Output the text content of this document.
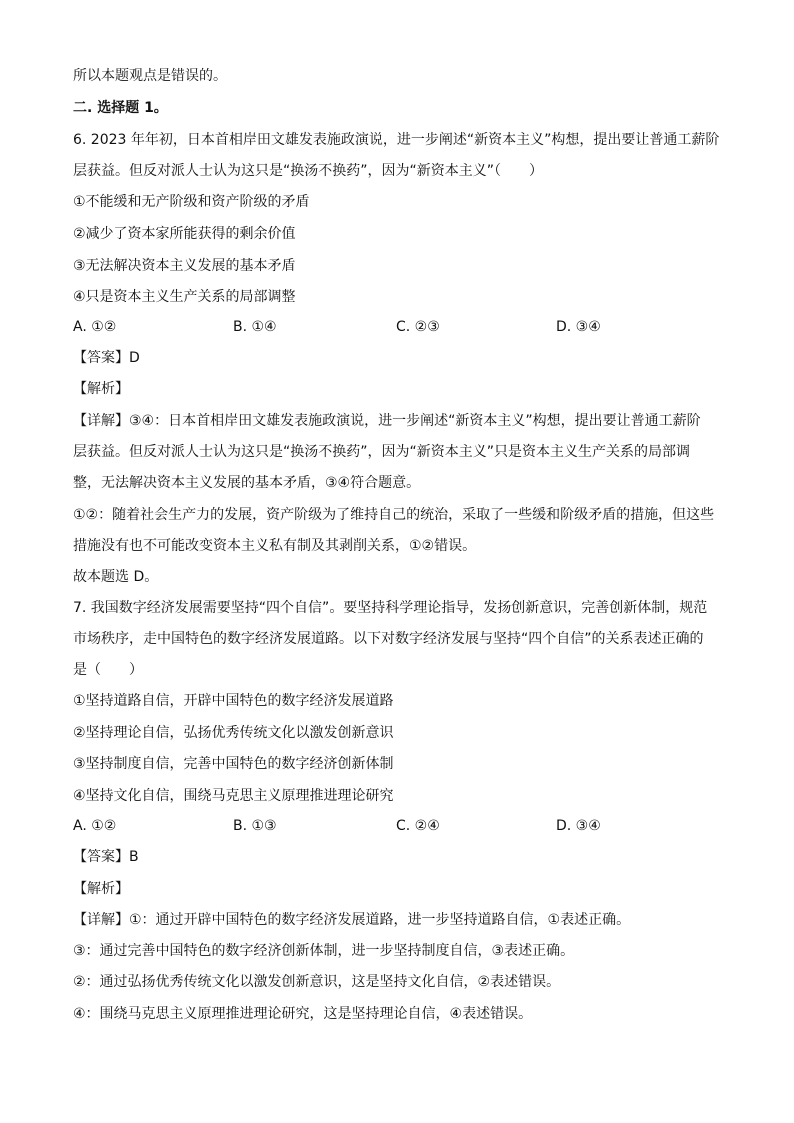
所以本题观点是错误的。
二. 选择题 1。
6. 2023 年年初，日本首相岸田文雄发表施政演说，进一步阐述“新资本主义”构想，提出要让普通工薪阶
层获益。但反对派人士认为这只是“换汤不换药”，因为“新资本主义”（　　）
①不能缓和无产阶级和资产阶级的矛盾
②减少了资本家所能获得的剩余价值
③无法解决资本主义发展的基本矛盾
④只是资本主义生产关系的局部调整
A. ①②	B. ①④	C. ②③	D. ③④
【答案】D
【解析】
【详解】③④：日本首相岸田文雄发表施政演说，进一步阐述“新资本主义”构想，提出要让普通工薪阶
层获益。但反对派人士认为这只是“换汤不换药”，因为“新资本主义”只是资本主义生产关系的局部调
整，无法解决资本主义发展的基本矛盾，③④符合题意。
①②：随着社会生产力的发展，资产阶级为了维持自己的统治，采取了一些缓和阶级矛盾的措施，但这些
措施没有也不可能改变资本主义私有制及其剥削关系，①②错误。
故本题选 D。
7. 我国数字经济发展需要坚持“四个自信”。要坚持科学理论指导，发扬创新意识，完善创新体制，规范
市场秩序，走中国特色的数字经济发展道路。以下对数字经济发展与坚持“四个自信”的关系表述正确的
是（　　）
①坚持道路自信，开辟中国特色的数字经济发展道路
②坚持理论自信，弘扬优秀传统文化以激发创新意识
③坚持制度自信，完善中国特色的数字经济创新体制
④坚持文化自信，围绕马克思主义原理推进理论研究
A. ①②	B. ①③	C. ②④	D. ③④
【答案】B
【解析】
【详解】①：通过开辟中国特色的数字经济发展道路，进一步坚持道路自信，①表述正确。
③：通过完善中国特色的数字经济创新体制，进一步坚持制度自信，③表述正确。
②：通过弘扬优秀传统文化以激发创新意识，这是坚持文化自信，②表述错误。
④：围绕马克思主义原理推进理论研究，这是坚持理论自信，④表述错误。
